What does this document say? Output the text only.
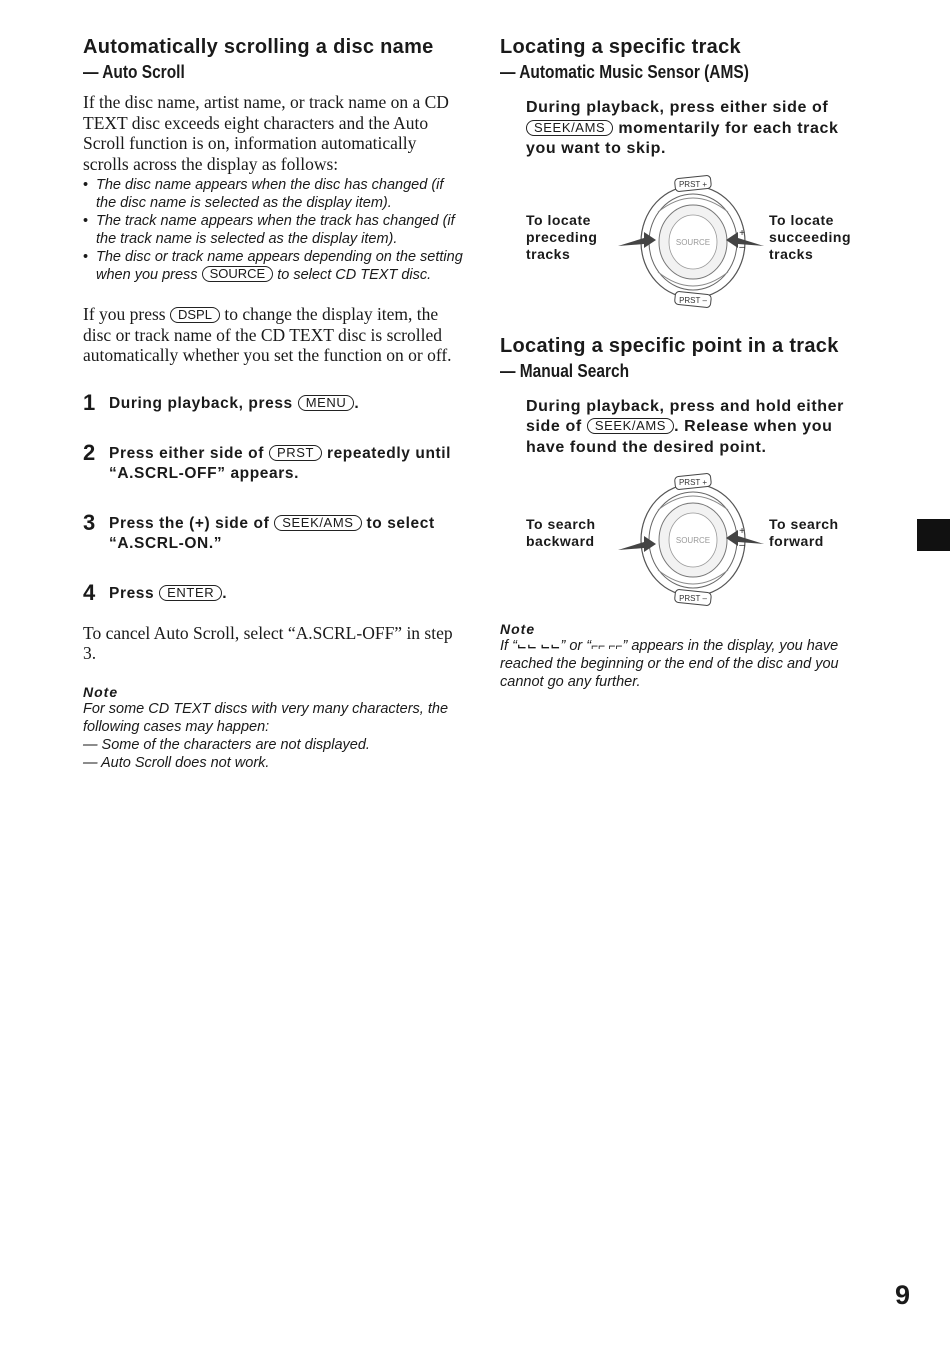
Automatically scrolling a disc name
— Auto Scroll

If the disc name, artist name, or track name on a CD TEXT disc exceeds eight characters and the Auto Scroll function is on, information automatically scrolls across the display as follows:

• The disc name appears when the disc has changed (if the disc name is selected as the display item).
• The track name appears when the track has changed (if the track name is selected as the display item).
• The disc or track name appears depending on the setting when you press SOURCE to select CD TEXT disc.

If you press DSPL to change the display item, the disc or track name of the CD TEXT disc is scrolled automatically whether you set the function on or off.

1 During playback, press MENU .
2 Press either side of PRST repeatedly until “A.SCRL-OFF” appears.
3 Press the (+) side of SEEK/AMS to select “A.SCRL-ON.”
4 Press ENTER .

To cancel Auto Scroll, select “A.SCRL-OFF” in step 3.

Note

For some CD TEXT discs with very many characters, the following cases may happen:

— Some of the characters are not displayed.

— Auto Scroll does not work.

Locating a specific track
— Automatic Music Sensor (AMS)

During playback, press either side of SEEK/AMS momentarily for each track you want to skip.

To locate preceding tracks
PRST +
PRST –
SOURCE
+
–
To locate succeeding tracks
Locating a specific point in a track
— Manual Search

During playback, press and hold either side of SEEK/AMS . Release when you have found the desired point.

To search backward
PRST +
PRST –
SOURCE
+
–
To search forward

Note

If “⌙⌙ ⌙⌙” or “⌐⌐ ⌐⌐” appears in the display, you have reached the beginning or the end of the disc and you cannot go any further.

9
